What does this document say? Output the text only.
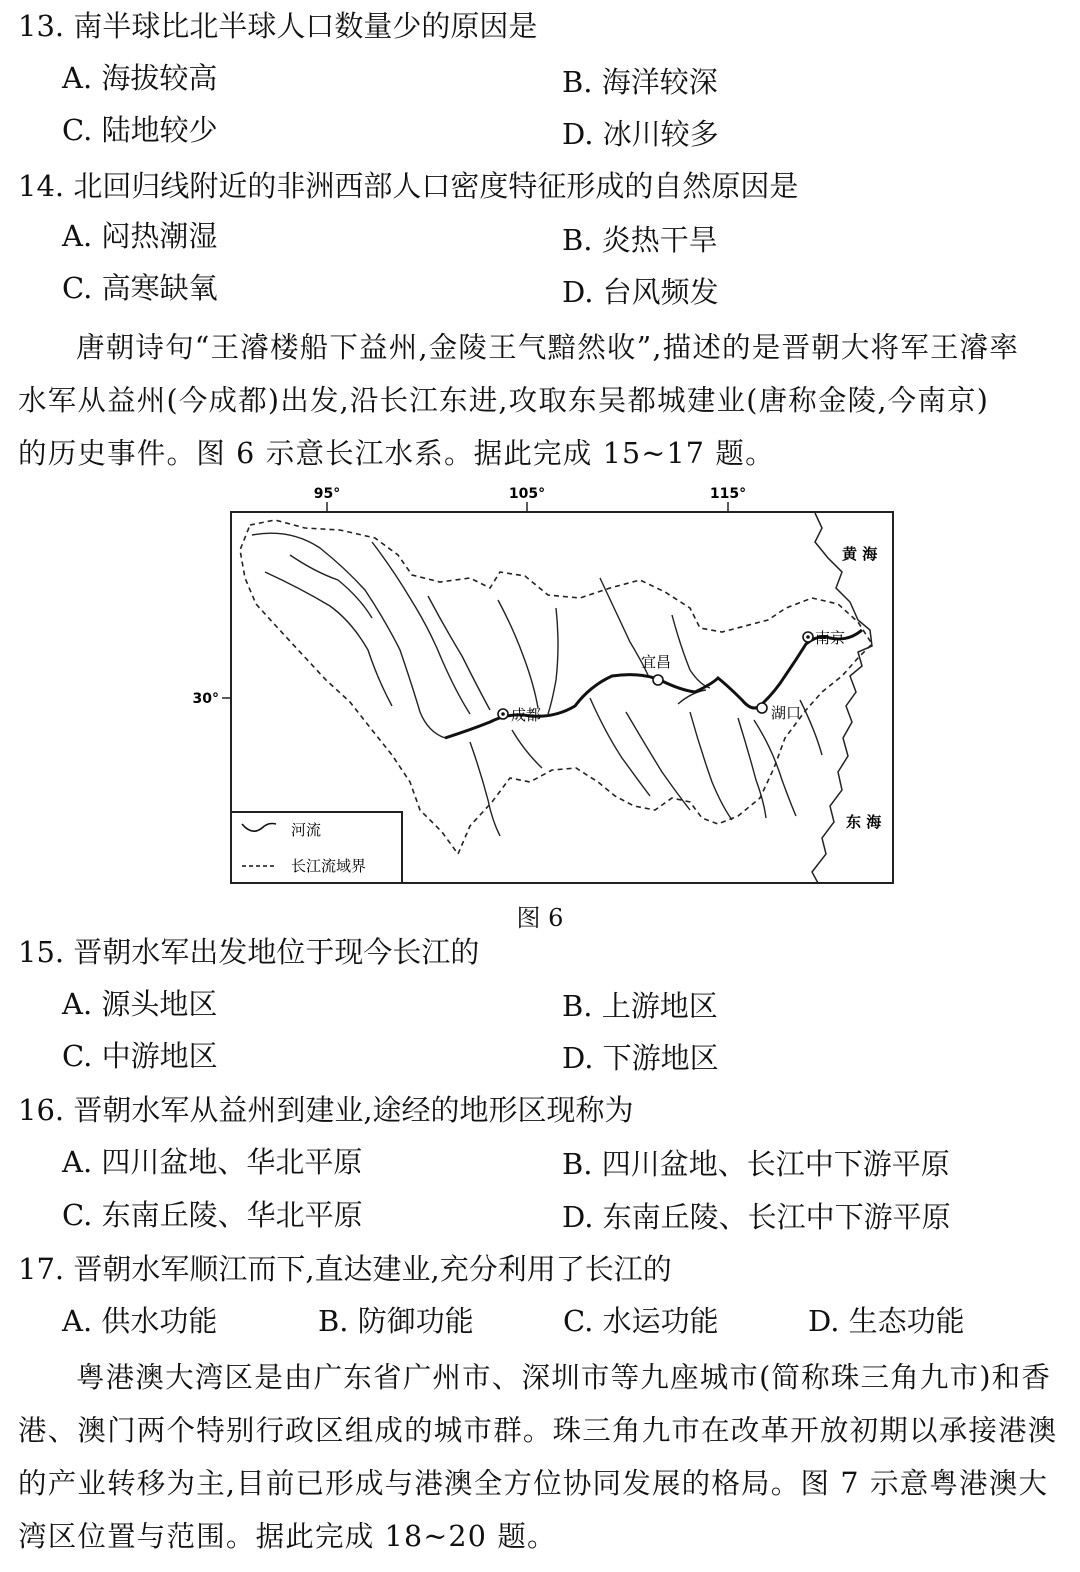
13. 南半球比北半球人口数量少的原因是
A. 海拔较高	B. 海洋较深
C. 陆地较少	D. 冰川较多
14. 北回归线附近的非洲西部人口密度特征形成的自然原因是
A. 闷热潮湿	B. 炎热干旱
C. 高寒缺氧	D. 台风频发
唐朝诗句“王濬楼船下益州,金陵王气黯然收”,描述的是晋朝大将军王濬率
水军从益州(今成都)出发,沿长江东进,攻取东吴都城建业(唐称金陵,今南京)
的历史事件。图 6 示意长江水系。据此完成 15~17 题。
95°	105°	115°
30°
成都
宜昌
南京
湖口
黄 海
东 海
河流
长江流域界
图 6
15. 晋朝水军出发地位于现今长江的
A. 源头地区	B. 上游地区
C. 中游地区	D. 下游地区
16. 晋朝水军从益州到建业,途经的地形区现称为
A. 四川盆地、华北平原	B. 四川盆地、长江中下游平原
C. 东南丘陵、华北平原	D. 东南丘陵、长江中下游平原
17. 晋朝水军顺江而下,直达建业,充分利用了长江的
A. 供水功能	B. 防御功能	C. 水运功能	D. 生态功能
粤港澳大湾区是由广东省广州市、深圳市等九座城市(简称珠三角九市)和香
港、澳门两个特别行政区组成的城市群。珠三角九市在改革开放初期以承接港澳
的产业转移为主,目前已形成与港澳全方位协同发展的格局。图 7 示意粤港澳大
湾区位置与范围。据此完成 18~20 题。
